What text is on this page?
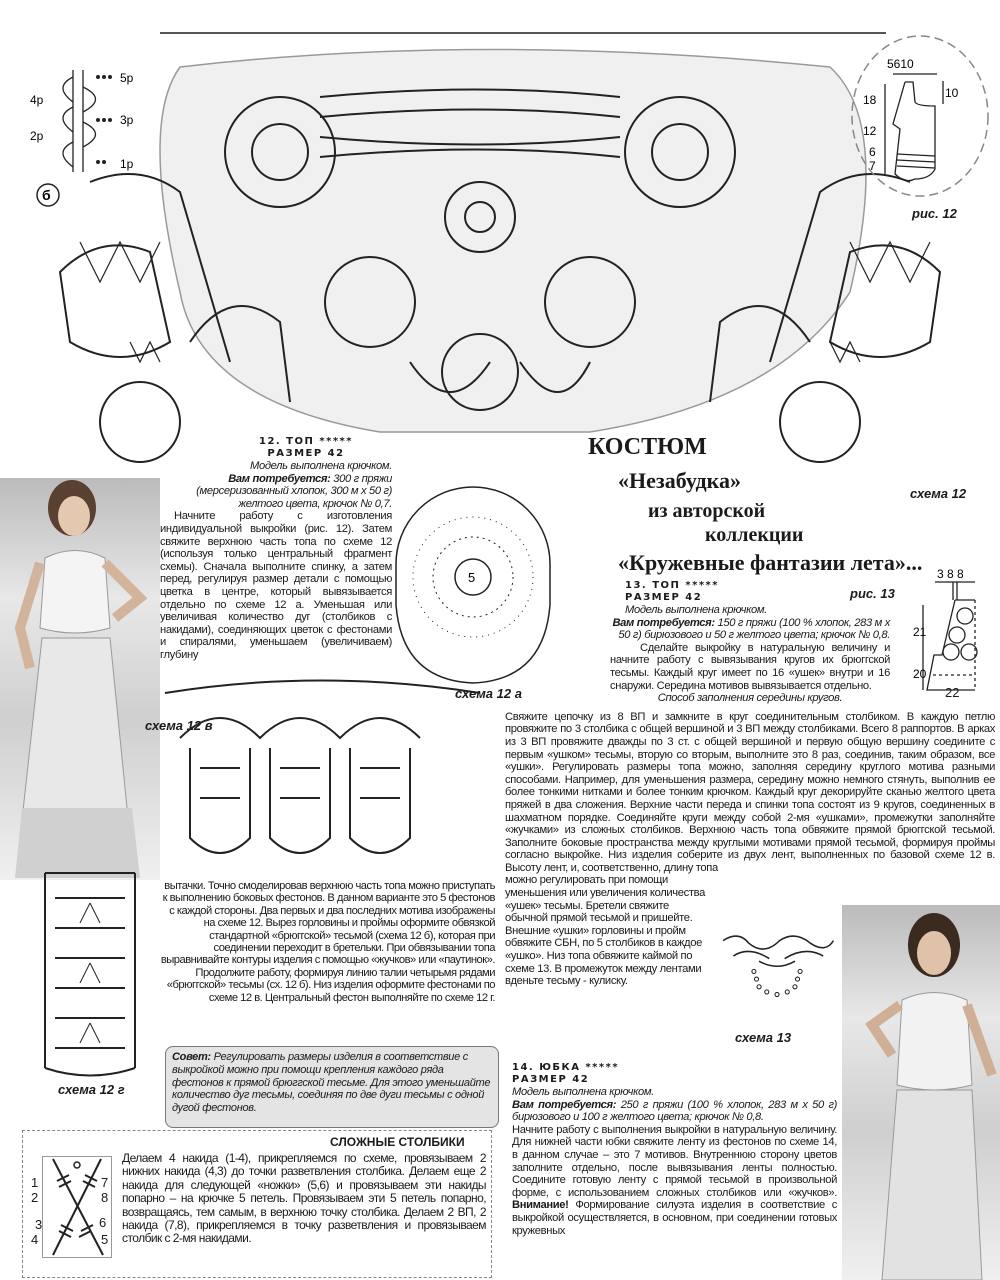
5р
4р
3р
2р
1р
б
5610
10
18
12
6
7
рис. 12
схема 12
12. ТОП *****
РАЗМЕР 42
Модель выполнена крючком.
Вам потребуется: 300 г пряжи (мерсеризованный хлопок, 300 м х 50 г) желтого цвета, крючок № 0,7.
Начните работу с изготовления индивидуальной выкройки (рис. 12). Затем свяжите верхнюю часть топа по схеме 12 (используя только центральный фрагмент схемы). Сначала выполните спинку, а затем перед, регулируя размер детали с помощью цветка в центре, который вывязывается отдельно по схеме 12 а. Уменьшая или увеличивая количество дуг (столбиков с накидами), соединяющих цветок с фестонами и спиралями, уменьшаем (увеличиваем) глубину
КОСТЮМ
«Незабудка»
из авторской
коллекции
«Кружевные фантазии лета»...
5
схема 12 а
13. ТОП *****
РАЗМЕР 42
Модель выполнена крючком.
Вам потребуется: 150 г пряжи (100 % хлопок, 283 м х 50 г) бирюзового и 50 г желтого цвета; крючок № 0,8.
Сделайте выкройку в натуральную величину и начните работу с вывязывания кругов их брюггской тесьмы. Каждый круг имеет по 16 «ушек» внутри и 16 снаружи. Середина мотивов вывязывается отдельно.
Способ заполнения середины кругов.
Свяжите цепочку из 8 ВП и замкните в круг соединительным столбиком. В каждую петлю провяжите по 3 столбика с общей вершиной и 3 ВП между столбиками. Всего 8 раппортов. В арках из 3 ВП провяжите дважды по 3 ст. с общей вершиной и первую общую вершину соедините с первым «ушком» тесьмы, вторую со вторым, выполните это 8 раз, соединив, таким образом, все «ушки». Регулировать размеры топа можно, заполняя середину круглого мотива разными способами. Например, для уменьшения размера, середину можно немного стянуть, выполнив ее более тонкими нитками и более тонким крючком. Каждый круг декорируйте сканью желтого цвета пряжей в два сложения. Верхние части переда и спинки топа состоят из 9 кругов, соединенных в шахматном порядке. Соединяйте круги между собой 2-мя «ушками», промежутки заполняйте «жучками» из сложных столбиков. Верхнюю часть топа обвяжите прямой брюггской тесьмой. Заполните боковые пространства между круглыми мотивами прямой тесьмой, формируя проймы согласно выкройке. Низ изделия соберите из двух лент, выполненных по базовой схеме 12 в. Высоту лент, и, соответственно, длину топа
можно регулировать при помощи уменьшения или увеличения количества «ушек» тесьмы. Бретели свяжите обычной прямой тесьмой и пришейте. Внешние «ушки» горловины и пройм обвяжите СБН, по 5 столбиков в каждое «ушко». Низ топа обвяжите каймой по схеме 13. В промежуток между лентами вденьте тесьму - кулиску.
рис. 13
3 8 8
21
20
22
схема 12 в
схема 12 г
вытачки. Точно смоделировав верхнюю часть топа можно приступать к выполнению боковых фестонов. В данном варианте это 5 фестонов с каждой стороны. Два первых и два последних мотива изображены на схеме 12. Вырез горловины и проймы оформите обвязкой стандартной «брюггской» тесьмой (схема 12 б), которая при соединении переходит в бретельки. При обвязывании топа выравнивайте контуры изделия с помощью «жучков» или «паутинок». Продолжите работу, формируя линию талии четырьмя рядами «брюггской» тесьмы (сх. 12 б). Низ изделия оформите фестонами по схеме 12 в. Центральный фестон выполняйте по схеме 12 г.
Совет: Регулировать размеры изделия в соответствие с выкройкой можно при помощи крепления каждого ряда фестонов к прямой брюггской тесьме. Для этого уменьшайте количество дуг тесьмы, соединяя по две дуги тесьмы с одной дугой фестонов.
СЛОЖНЫЕ СТОЛБИКИ
1
2
3
4	5
6
7
8
Делаем 4 накида (1-4), прикрепляемся по схеме, провязываем 2 нижних накида (4,3) до точки разветвления столбика. Делаем еще 2 накида для следующей «ножки» (5,6) и провязываем эти накиды попарно – на крючке 5 петель. Провязываем эти 5 петель попарно, возвращаясь, тем самым, в верхнюю точку столбика. Делаем 2 ВП, 2 накида (7,8), прикрепляемся в точку разветвления и провязываем столбик с 2-мя накидами.
схема 13
14. ЮБКА *****
РАЗМЕР 42
Модель выполнена крючком.
Вам потребуется: 250 г пряжи (100 % хлопок, 283 м х 50 г) бирюзового и 100 г желтого цвета; крючок № 0,8.
Начните работу с выполнения выкройки в натуральную величину. Для нижней части юбки свяжите ленту из фестонов по схеме 14, в данном случае – это 7 мотивов. Внутреннюю сторону цветов заполните отдельно, после вывязывания ленты полностью. Соедините готовую ленту с прямой тесьмой в произвольной форме, с использованием сложных столбиков или «жучков». Внимание! Формирование силуэта изделия в соответствие с выкройкой осуществляется, в основном, при соединении готовых кружевных
